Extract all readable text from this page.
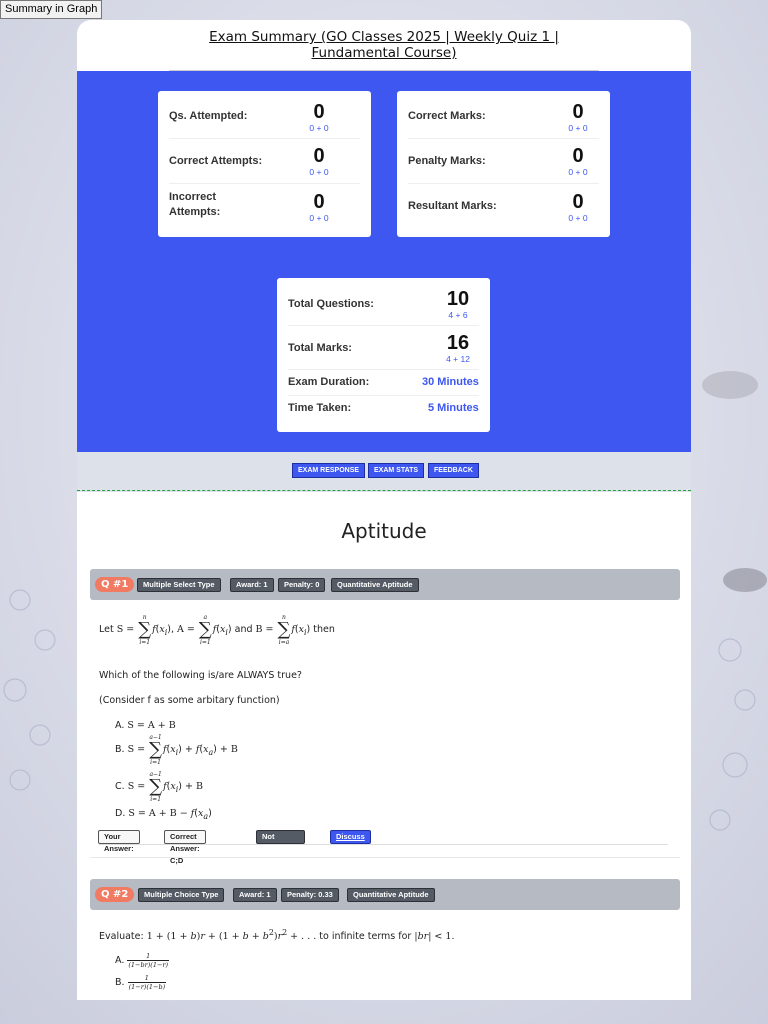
Summary in Graph
Exam Summary (GO Classes 2025 | Weekly Quiz 1 | Fundamental Course)
Qs. Attempted:	0
0 + 0
Correct Attempts:	0
0 + 0
Incorrect Attempts:	0
0 + 0
Correct Marks:	0
0 + 0
Penalty Marks:	0
0 + 0
Resultant Marks:	0
0 + 0
Total Questions:	10
4 + 6
Total Marks:	16
4 + 12
Exam Duration:	30 Minutes
Time Taken:	5 Minutes
EXAM RESPONSE	EXAM STATS	FEEDBACK
Aptitude
Q #1	Multiple Select Type	Award: 1	Penalty: 0	Quantitative Aptitude
Let S = ∑
n
i=1
$f(x_i)$, A = ∑
a
i=1
$f(x_i)$ and B = ∑
n
i=a
$f(x_i)$ then
Which of the following is/are ALWAYS true?
(Consider f as some arbitary function)
A. S = A + B
B. S = ∑
a−1
i=1
$f(x_i) + f(x_a) + B$
C. S = ∑
a−1
i=1
$f(x_i) + B$
D. $S = A + B - f(x_a)$
Your Answer:
Correct Answer: C;D
Not Attempted
Discuss
Q #2	Multiple Choice Type	Award: 1	Penalty: 0.33	Quantitative Aptitude
Evaluate: $1 + (1 + b)r + (1 + b + b^2)r^2$ + . . . to infinite terms for |br| < 1.
A. $\frac{1}{(1-br)(1-r)}$
B. $\frac{1}{(1-r)(1-b)}$
